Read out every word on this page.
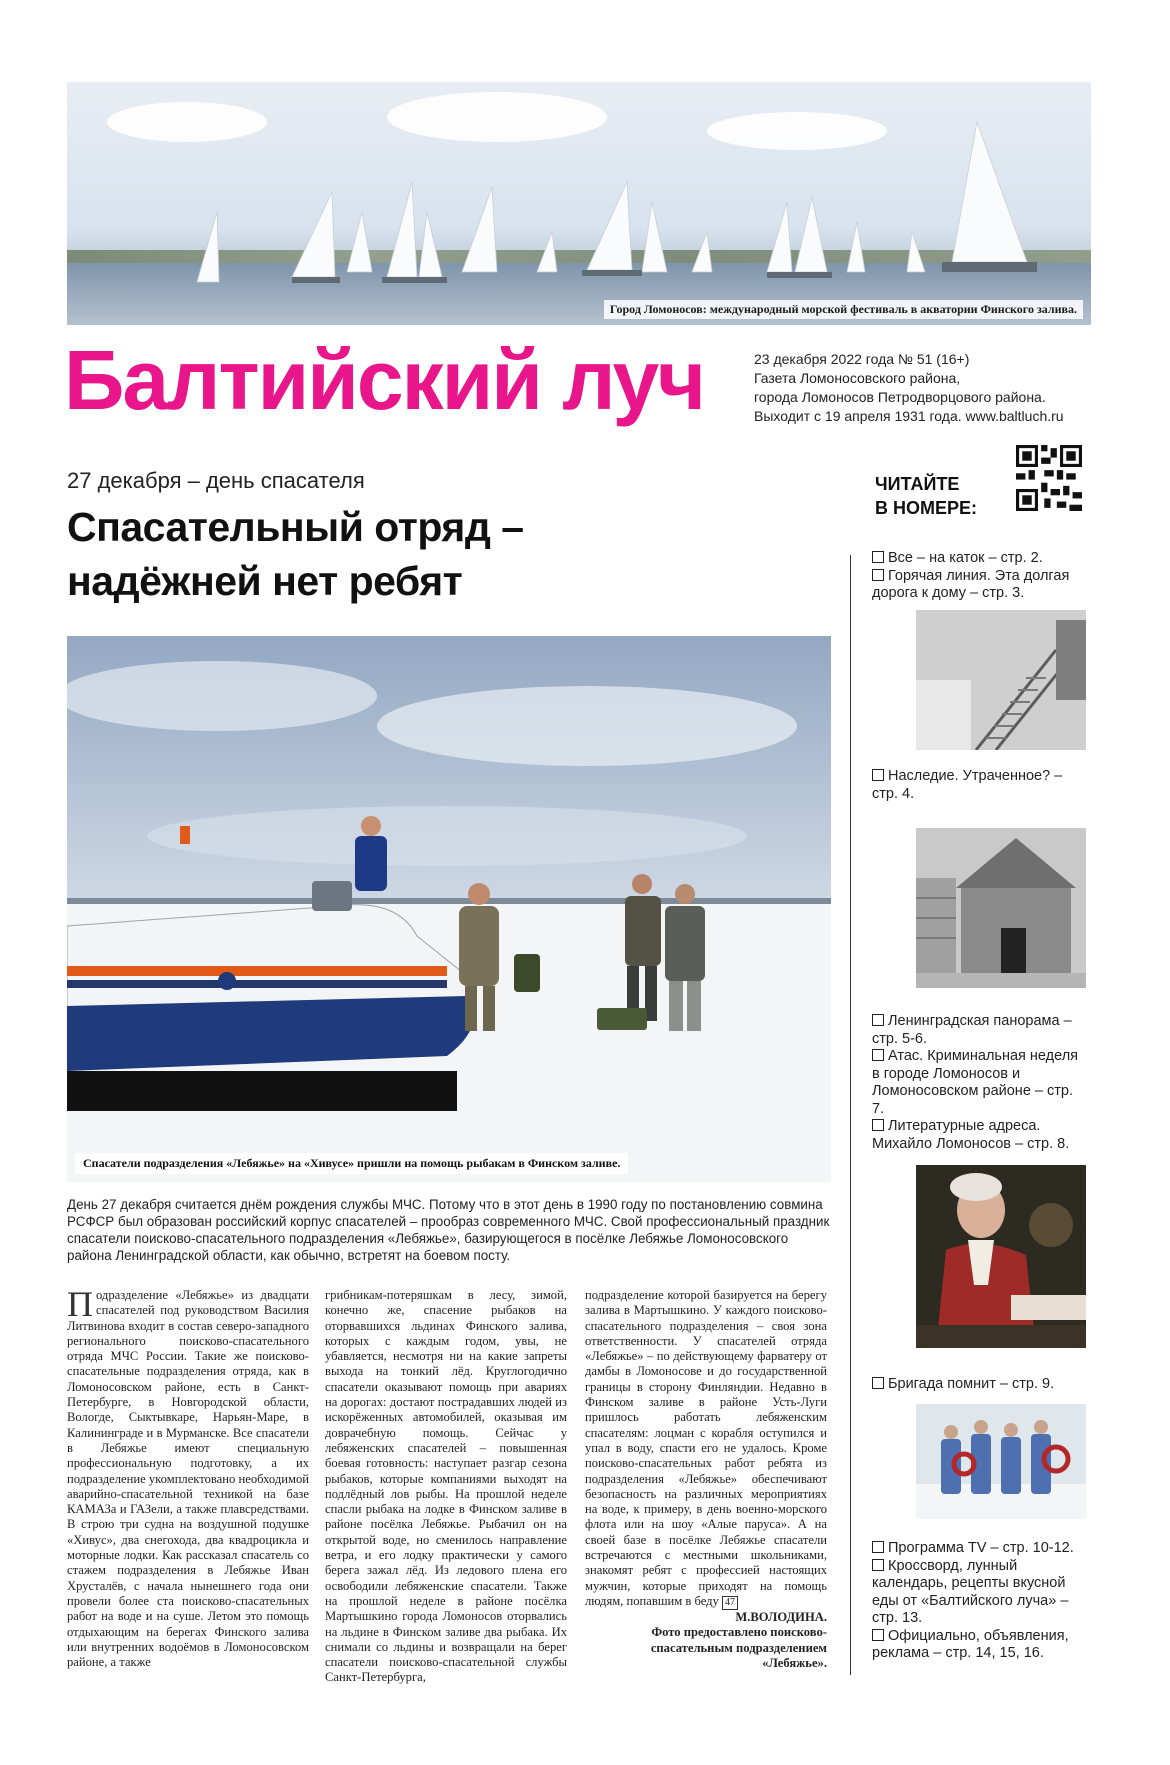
Город Ломоносов: международный морской фестиваль в акватории Финского залива.
Балтийский луч	23 декабря 2022 года № 51 (16+)
Газета Ломоносовского района,
города Ломоносов Петродворцового района.
Выходит с 19 апреля 1931 года. www.baltluch.ru
27 декабря – день спасателя
Спасательный отряд –
надёжней нет ребят
Спасатели подразделения «Лебяжье» на «Хивусе» пришли на помощь рыбакам в Финском заливе.
День 27 декабря считается днём рождения службы МЧС. Потому что в этот день в 1990 году по постановлению совмина РСФСР был образован российский корпус спасателей – прообраз современного МЧС. Свой профессиональный праздник спасатели поисково-спасательного подразделения «Лебяжье», базирующегося в посёлке Лебяжье Ломоносовского района Ленинградской области, как обычно, встретят на боевом посту.
Подразделение «Лебяжье» из двадцати спасателей под руководством Василия Литвинова входит в состав северо-западного регионального поисково-спасательного отряда МЧС России. Такие же поисково-спасательные подразделения отряда, как в Ломоносовском районе, есть в Санкт-Петербурге, в Новгородской области, Вологде, Сыктывкаре, Нарьян-Маре, в Калининграде и в Мурманске. Все спасатели в Лебяжье имеют специальную профессиональную подготовку, а их подразделение укомплектовано необходимой аварийно-спасательной техникой на базе КАМАЗа и ГАЗели, а также плавсредствами. В строю три судна на воздушной подушке «Хивус», два снегохода, два квадроцикла и моторные лодки. Как рассказал спасатель со стажем подразделения в Лебяжье Иван Хрусталёв, с начала нынешнего года они провели более ста поисково-спасательных работ на воде и на суше. Летом это помощь отдыхающим на берегах Финского залива или внутренних водоёмов в Ломоносовском районе, а также
грибникам-потеряшкам в лесу, зимой, конечно же, спасение рыбаков на оторвавшихся льдинах Финского залива, которых с каждым годом, увы, не убавляется, несмотря ни на какие запреты выхода на тонкий лёд. Круглогодично спасатели оказывают помощь при авариях на дорогах: достают пострадавших людей из искорёженных автомобилей, оказывая им доврачебную помощь. Сейчас у лебяженских спасателей – повышенная боевая готовность: наступает разгар сезона рыбаков, которые компаниями выходят на подлёдный лов рыбы. На прошлой неделе спасли рыбака на лодке в Финском заливе в районе посёлка Лебяжье. Рыбачил он на открытой воде, но сменилось направление ветра, и его лодку практически у самого берега зажал лёд. Из ледового плена его освободили лебяженские спасатели. Также на прошлой неделе в районе посёлка Мартышкино города Ломоносов оторвались на льдине в Финском заливе два рыбака. Их снимали со льдины и возвращали на берег спасатели поисково-спасательной службы Санкт-Петербурга,
подразделение которой базируется на берегу залива в Мартышкино. У каждого поисково-спасательного подразделения – своя зона ответственности. У спасателей отряда «Лебяжье» – по действующему фарватеру от дамбы в Ломоносове и до государственной границы в сторону Финляндии. Недавно в Финском заливе в районе Усть-Луги пришлось работать лебяженским спасателям: лоцман с корабля оступился и упал в воду, спасти его не удалось. Кроме поисково-спасательных работ ребята из подразделения «Лебяжье» обеспечивают безопасность на различных мероприятиях на воде, к примеру, в день военно-морского флота или на шоу «Алые паруса». А на своей базе в посёлке Лебяжье спасатели встречаются с местными школьниками, знакомят ребят с профессией настоящих мужчин, которые приходят на помощь людям, попавшим в беду 47
М.ВОЛОДИНА.
Фото предоставлено поисково-
спасательным подразделением
«Лебяжье».
ЧИТАЙТЕ
В НОМЕРЕ:
Все – на каток – стр. 2.
Горячая линия. Эта долгая дорога к дому – стр. 3.
Наследие. Утраченное? – стр. 4.
Ленинградская панорама – стр. 5-6.
Атас. Криминальная неделя в городе Ломоносов и Ломоносовском районе – стр. 7.
Литературные адреса. Михайло Ломоносов – стр. 8.
Бригада помнит – стр. 9.
Программа TV – стр. 10-12.
Кроссворд, лунный календарь, рецепты вкусной еды от «Балтийского луча» – стр. 13.
Официально, объявления, реклама – стр. 14, 15, 16.
